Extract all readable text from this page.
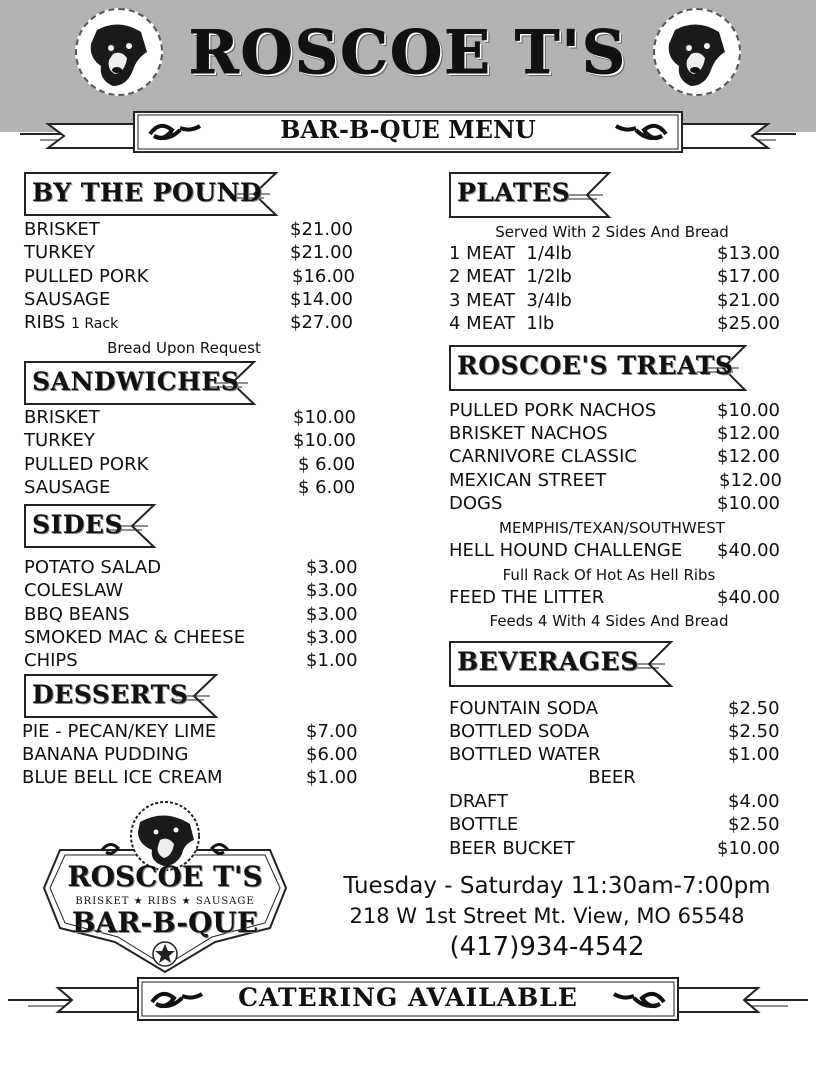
ROSCOE T'S
BAR-B-QUE MENU
BY THE POUND
BRISKET	$21.00
TURKEY	$21.00
PULLED PORK	$16.00
SAUSAGE	$14.00
RIBS 1 Rack	$27.00
Bread Upon Request
SANDWICHES
BRISKET	$10.00
TURKEY	$10.00
PULLED PORK	$ 6.00
SAUSAGE	$ 6.00
SIDES
POTATO SALAD	$3.00
COLESLAW	$3.00
BBQ BEANS	$3.00
SMOKED MAC & CHEESE	$3.00
CHIPS	$1.00
DESSERTS
PIE - PECAN/KEY LIME	$7.00
BANANA PUDDING	$6.00
BLUE BELL ICE CREAM	$1.00
PLATES
Served With 2 Sides And Bread
1 MEAT  1/4lb	$13.00
2 MEAT  1/2lb	$17.00
3 MEAT  3/4lb	$21.00
4 MEAT  1lb	$25.00
ROSCOE'S TREATS
PULLED PORK NACHOS	$10.00
BRISKET NACHOS	$12.00
CARNIVORE CLASSIC	$12.00
MEXICAN STREET	$12.00
DOGS	$10.00
MEMPHIS/TEXAN/SOUTHWEST
HELL HOUND CHALLENGE $40.00
Full Rack Of Hot As Hell Ribs
FEED THE LITTER	$40.00
Feeds 4 With 4 Sides And Bread
BEVERAGES
FOUNTAIN SODA	$2.50
BOTTLED SODA	$2.50
BOTTLED WATER	$1.00
BEER
DRAFT	$4.00
BOTTLE	$2.50
BEER BUCKET	$10.00
ROSCOE T'S
BRISKET ★ RIBS ★ SAUSAGE
BAR-B-QUE
Tuesday - Saturday 11:30am-7:00pm
218 W 1st Street Mt. View, MO 65548
(417)934-4542
CATERING AVAILABLE
